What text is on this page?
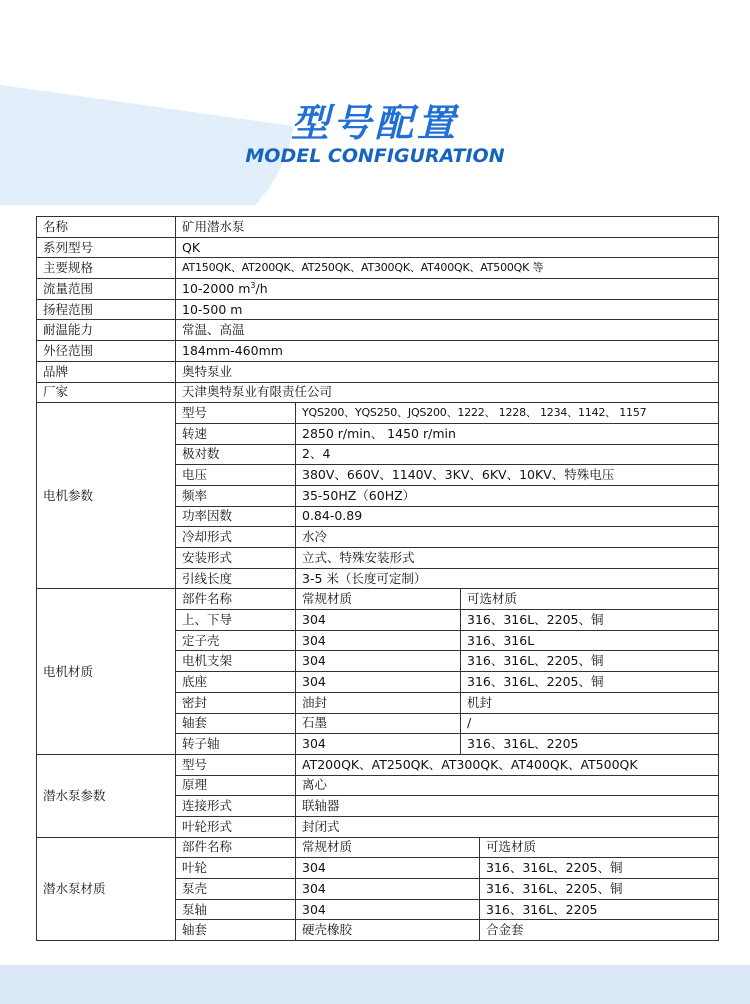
型号配置
MODEL CONFIGURATION
名称	矿用潜水泵			
系列型号	QK			
主要规格	AT150QK、AT200QK、AT250QK、AT300QK、AT400QK、AT500QK 等			
流量范围	10-2000 $m^3/h$			
扬程范围	10-500 m			
耐温能力	常温、高温			
外径范围	184mm-460mm			
品牌	奥特泵业			
厂家	天津奥特泵业有限责任公司			
电机参数	型号	YQS200、YQS250、JQS200、1222、 1228、 1234、1142、 1157		
	转速	2850 r/min、 1450 r/min		
	极对数	2、4		
	电压	380V、660V、1140V、3KV、6KV、10KV、特殊电压		
	频率	35-50HZ（60HZ）		
	功率因数	0.84-0.89		
	冷却形式	水冷		
	安装形式	立式、特殊安装形式		
	引线长度	3-5 米（长度可定制）		
电机材质	部件名称	常规材质	可选材质	
	上、下导	304	316、316L、2205、铜	
	定子壳	304	316、316L	
	电机支架	304	316、316L、2205、铜	
	底座	304	316、316L、2205、铜	
	密封	油封	机封	
	轴套	石墨	/	
	转子轴	304	316、316L、2205	
潜水泵参数	型号	AT200QK、AT250QK、AT300QK、AT400QK、AT500QK		
	原理	离心		
	连接形式	联轴器		
	叶轮形式	封闭式		
潜水泵材质	部件名称	常规材质		可选材质
	叶轮	304		316、316L、2205、铜
	泵壳	304		316、316L、2205、铜
	泵轴	304		316、316L、2205
	轴套	硬壳橡胶		合金套
